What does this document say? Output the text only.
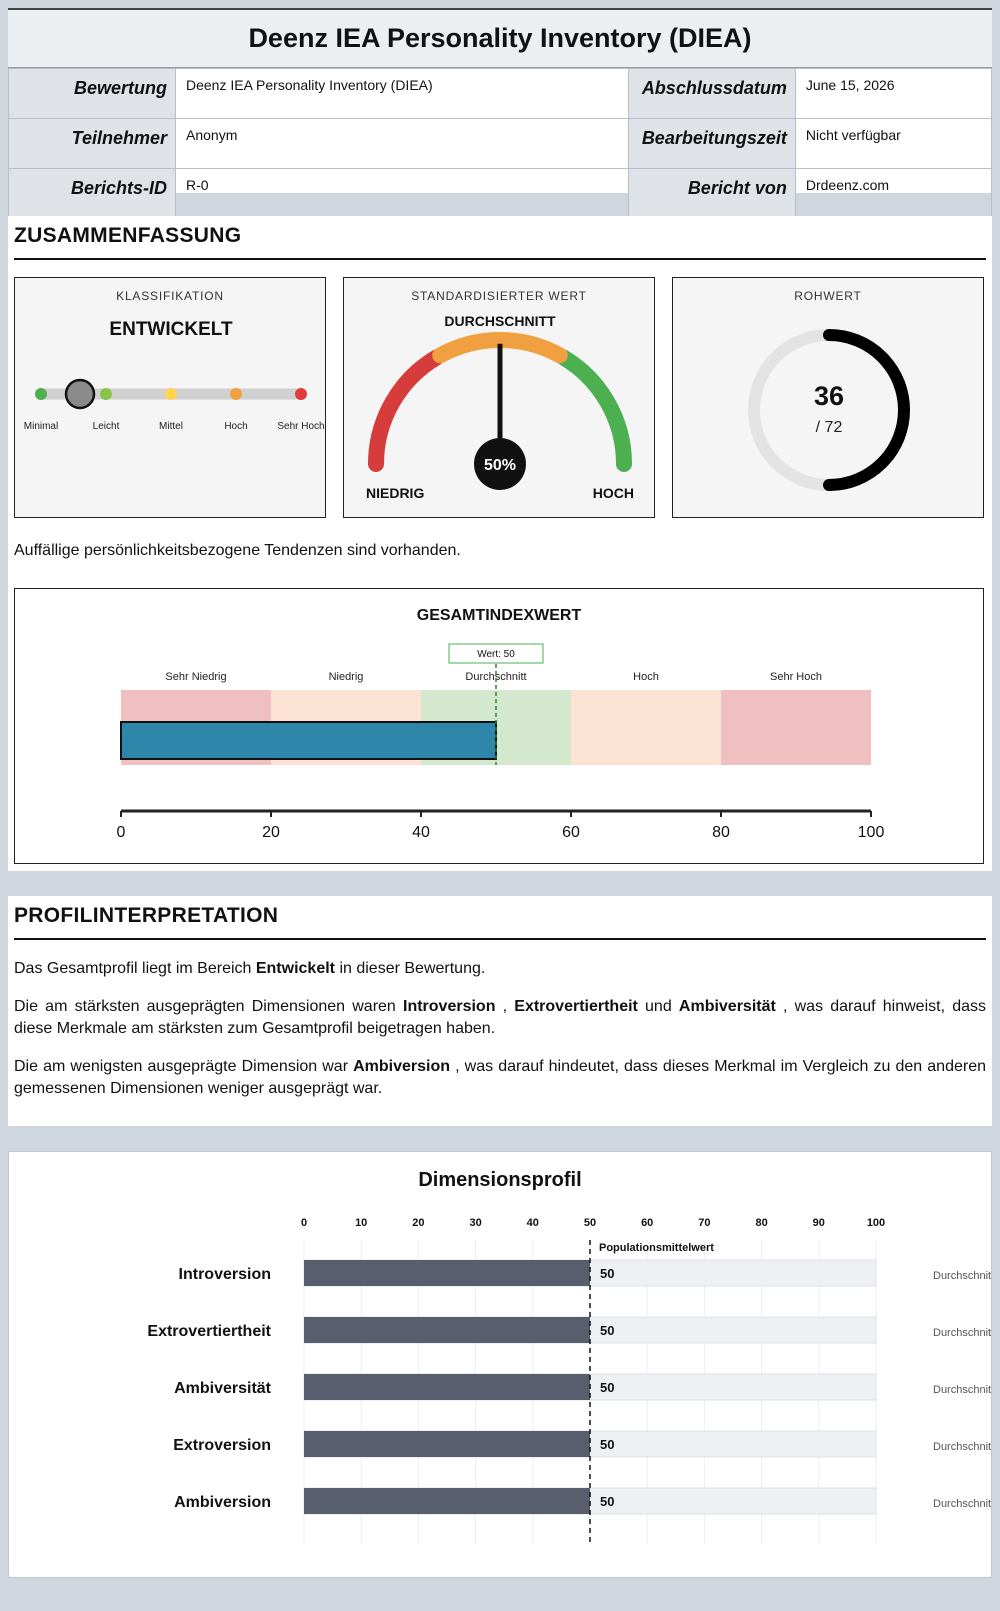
Deenz IEA Personality Inventory (DIEA)
Bewertung	Deenz IEA Personality Inventory (DIEA)	Abschlussdatum	June 15, 2026
Teilnehmer	Anonym	Bearbeitungszeit	Nicht verfügbar
Berichts-ID	R-0	Bericht von	Drdeenz.com
ZUSAMMENFASSUNG
KLASSIFIKATION
ENTWICKELT
Minimal	Leicht	Mittel	Hoch	Sehr Hoch
STANDARDISIERTER WERT
DURCHSCHNITT
NIEDRIG	HOCH
50%
ROHWERT
36
/ 72
Auffällige persönlichkeitsbezogene Tendenzen sind vorhanden.
GESAMTINDEXWERT
Sehr Niedrig	Niedrig	Durchschnitt	Hoch	Sehr Hoch
Wert: 50
0	20	40	60	80	100
PROFILINTERPRETATION

Das Gesamtprofil liegt im Bereich Entwickelt in dieser Bewertung.

Die am stärksten ausgeprägten Dimensionen waren Introversion , Extrovertiertheit und Ambiversität , was darauf hinweist, dass diese Merkmale am stärksten zum Gesamtprofil beigetragen haben.

Die am wenigsten ausgeprägte Dimension war Ambiversion , was darauf hindeutet, dass dieses Merkmal im Vergleich zu den anderen gemessenen Dimensionen weniger ausgeprägt war.

Dimensionsprofil
0	10	20	30	40	50	60	70	80	90	100
Introversion	50	Durchschnitt
Extrovertiertheit	50	Durchschnitt
Ambiversität	50	Durchschnitt
Extroversion	50	Durchschnitt
Ambiversion	50	Durchschnitt
Populationsmittelwert
